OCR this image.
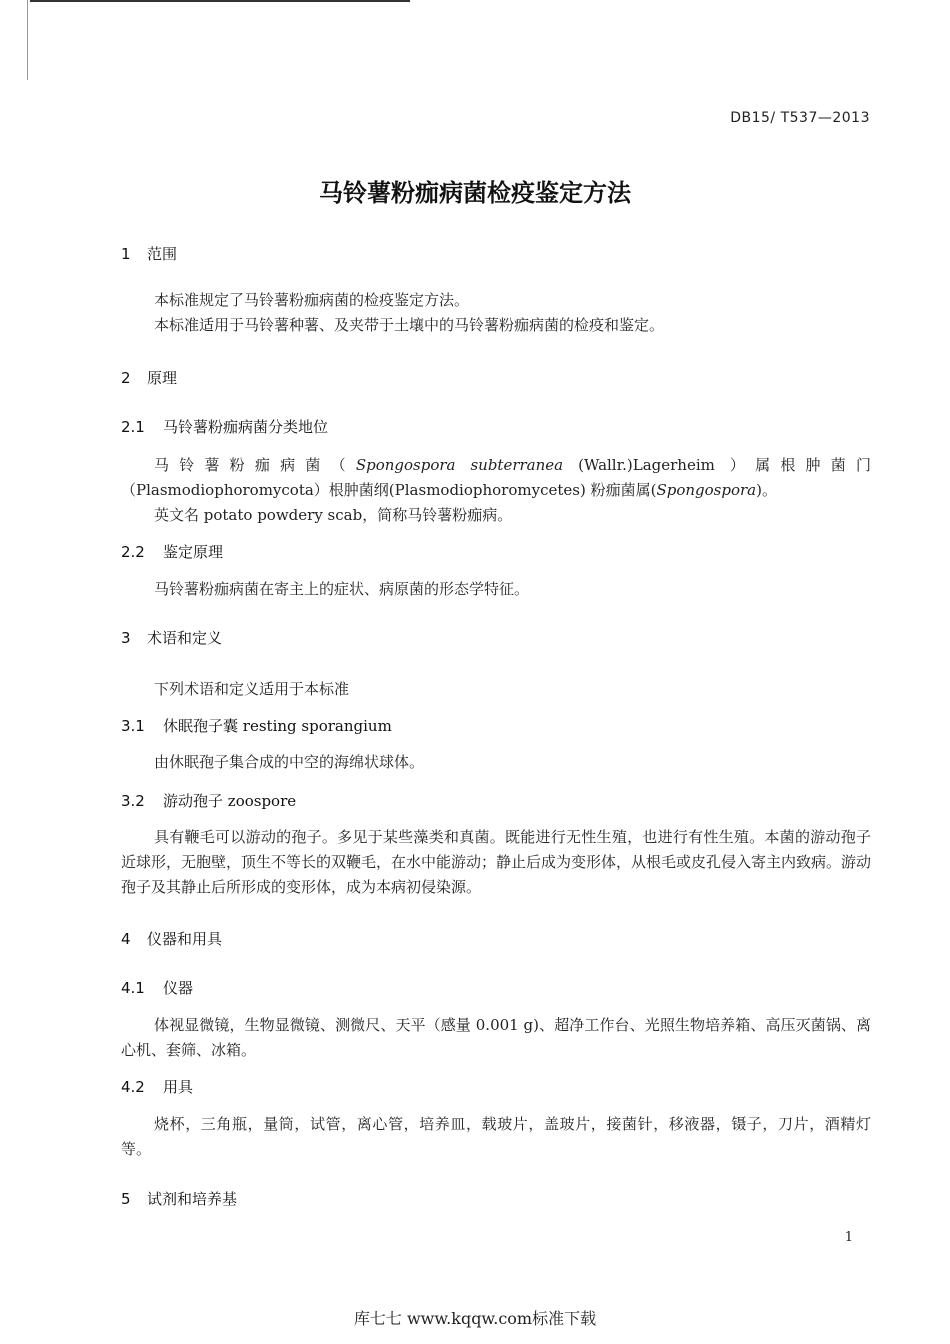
DB15/ T537—2013
马铃薯粉痂病菌检疫鉴定方法
1 范围
本标准规定了马铃薯粉痂病菌的检疫鉴定方法。
本标准适用于马铃薯种薯、及夹带于土壤中的马铃薯粉痂病菌的检疫和鉴定。
2 原理
2.1 马铃薯粉痂病菌分类地位
马铃薯粉痂病菌（Spongospora subterranea (Wallr.)Lagerheim ）属根肿菌门
（Plasmodiophoromycota）根肿菌纲(Plasmodiophoromycetes) 粉痂菌属(Spongospora)。
英文名 potato powdery scab，简称马铃薯粉痂病。
2.2 鉴定原理
马铃薯粉痂病菌在寄主上的症状、病原菌的形态学特征。
3 术语和定义
下列术语和定义适用于本标准
3.1 休眠孢子囊 resting sporangium
由休眠孢子集合成的中空的海绵状球体。
3.2 游动孢子 zoospore
具有鞭毛可以游动的孢子。多见于某些藻类和真菌。既能进行无性生殖，也进行有性生殖。本菌的游动孢子近球形，无胞壁，顶生不等长的双鞭毛，在水中能游动；静止后成为变形体，从根毛或皮孔侵入寄主内致病。游动孢子及其静止后所形成的变形体，成为本病初侵染源。
4 仪器和用具
4.1 仪器
体视显微镜，生物显微镜、测微尺、天平（感量 0.001 g)、超净工作台、光照生物培养箱、高压灭菌锅、离心机、套筛、冰箱。
4.2 用具
烧杯，三角瓶，量筒，试管，离心管，培养皿，载玻片，盖玻片，接菌针，移液器，镊子，刀片，酒精灯等。
5 试剂和培养基
1
库七七 www.kqqw.com标准下载
